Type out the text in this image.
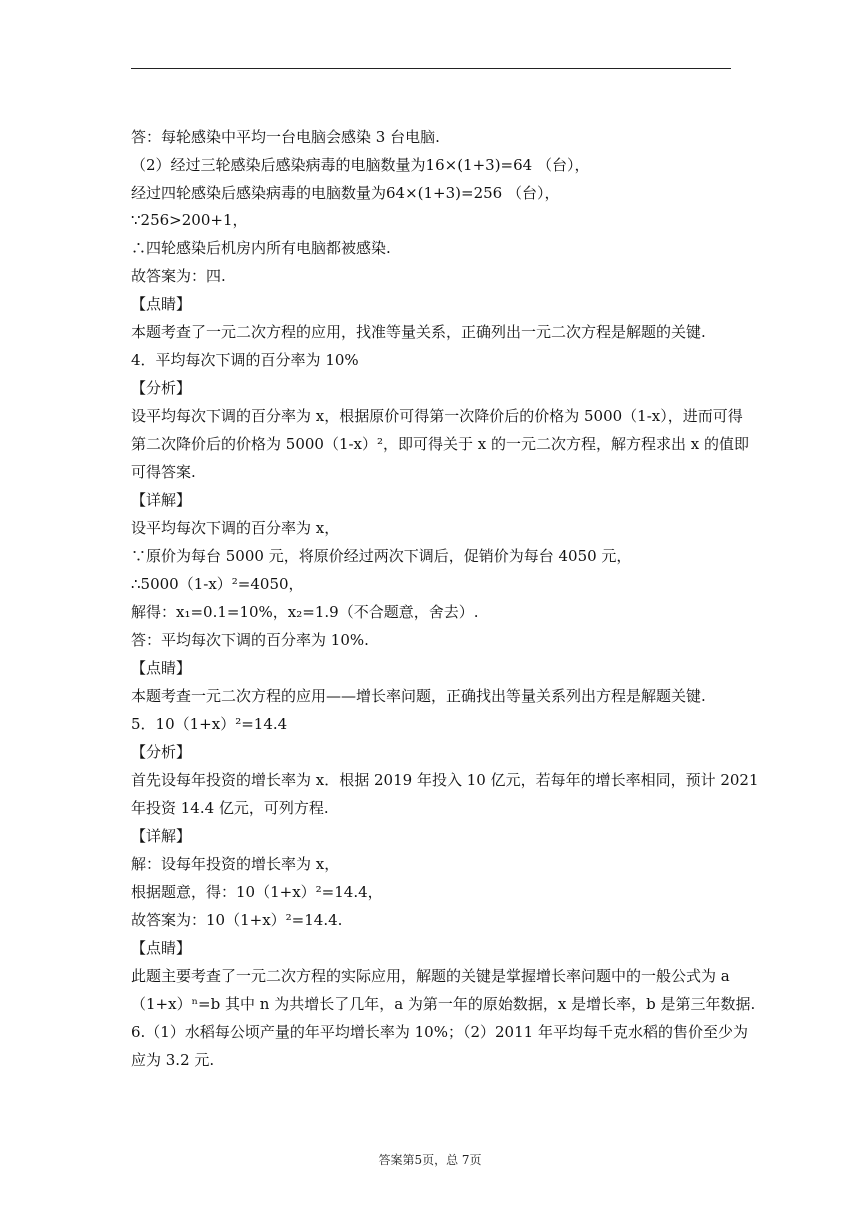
答：每轮感染中平均一台电脑会感染 3 台电脑.
（2）经过三轮感染后感染病毒的电脑数量为16×(1+3)=64 （台），
经过四轮感染后感染病毒的电脑数量为64×(1+3)=256 （台），
∵256>200+1，
∴四轮感染后机房内所有电脑都被感染.
故答案为：四.
【点睛】
本题考查了一元二次方程的应用，找准等量关系，正确列出一元二次方程是解题的关键.
4．平均每次下调的百分率为 10%
【分析】
设平均每次下调的百分率为 x，根据原价可得第一次降价后的价格为 5000（1-x），进而可得
第二次降价后的价格为 5000（1-x）²，即可得关于 x 的一元二次方程，解方程求出 x 的值即
可得答案.
【详解】
设平均每次下调的百分率为 x，
∵原价为每台 5000 元，将原价经过两次下调后，促销价为每台 4050 元，
∴5000（1-x）²=4050，
解得：x₁=0.1=10%，x₂=1.9（不合题意，舍去）.
答：平均每次下调的百分率为 10%.
【点睛】
本题考查一元二次方程的应用——增长率问题，正确找出等量关系列出方程是解题关键.
5．10（1+x）²=14.4
【分析】
首先设每年投资的增长率为 x．根据 2019 年投入 10 亿元，若每年的增长率相同，预计 2021
年投资 14.4 亿元，可列方程.
【详解】
解：设每年投资的增长率为 x，
根据题意，得：10（1+x）²=14.4，
故答案为：10（1+x）²=14.4.
【点睛】
此题主要考查了一元二次方程的实际应用，解题的关键是掌握增长率问题中的一般公式为 a
（1+x）ⁿ=b 其中 n 为共增长了几年，a 为第一年的原始数据，x 是增长率，b 是第三年数据.
6.（1）水稻每公顷产量的年平均增长率为 10%；（2）2011 年平均每千克水稻的售价至少为
应为 3.2 元.
答案第5页，总 7页
